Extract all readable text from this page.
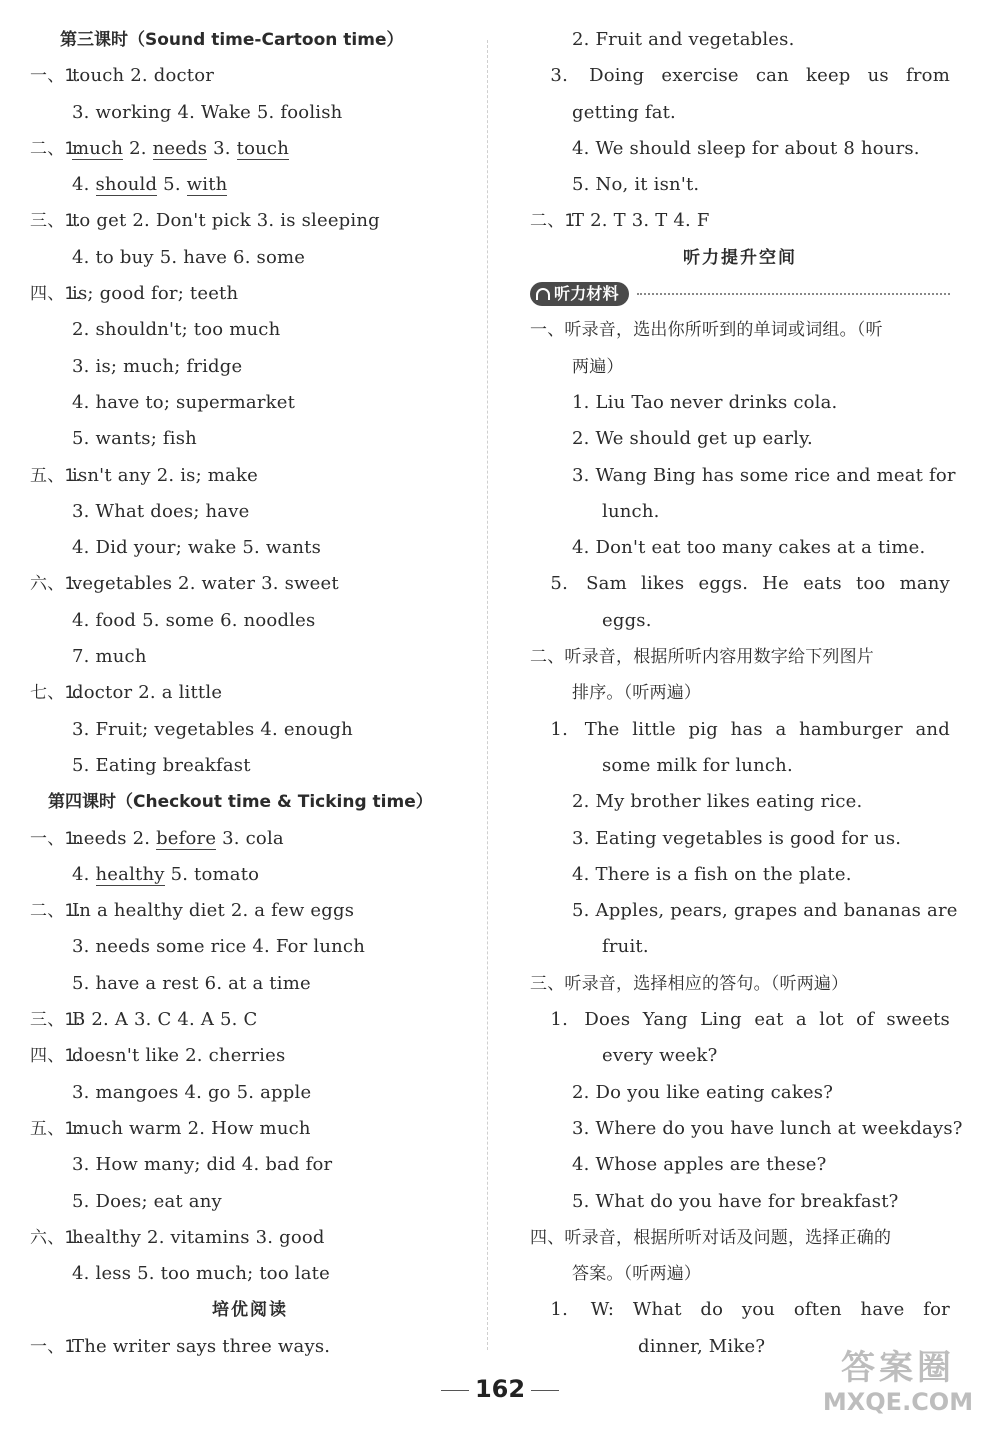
第三课时（Sound time-Cartoon time）
一、1.touch 2. doctor
3. working 4. Wake 5. foolish
二、1.much 2. needs 3. touch
4. should 5. with
三、1.to get 2. Don't pick 3. is sleeping
4. to buy 5. have 6. some
四、1.is; good for; teeth
2. shouldn't; too much
3. is; much; fridge
4. have to; supermarket
5. wants; fish
五、1.isn't any 2. is; make
3. What does; have
4. Did your; wake 5. wants
六、1.vegetables 2. water 3. sweet
4. food 5. some 6. noodles
7. much
七、1.doctor 2. a little
3. Fruit; vegetables 4. enough
5. Eating breakfast
第四课时（Checkout time & Ticking time）
一、1.needs 2. before 3. cola
4. healthy 5. tomato
二、1.In a healthy diet 2. a few eggs
3. needs some rice 4. For lunch
5. have a rest 6. at a time
三、1.B 2. A 3. C 4. A 5. C
四、1.doesn't like 2. cherries
3. mangoes 4. go 5. apple
五、1.much warm 2. How much
3. How many; did 4. bad for
5. Does; eat any
六、1.healthy 2. vitamins 3. good
4. less 5. too much; too late
培优阅读
一、1.The writer says three ways.
2. Fruit and vegetables.
3. Doing exercise can keep us from
getting fat.
4. We should sleep for about 8 hours.
5. No, it isn't.
二、1.T 2. T 3. T 4. F
听力提升空间
听力材料
一、听录音，选出你所听到的单词或词组。（听
两遍）
1. Liu Tao never drinks cola.
2. We should get up early.
3. Wang Bing has some rice and meat for
lunch.
4. Don't eat too many cakes at a time.
5. Sam likes eggs. He eats too many
eggs.
二、听录音，根据所听内容用数字给下列图片
排序。（听两遍）
1. The little pig has a hamburger and
some milk for lunch.
2. My brother likes eating rice.
3. Eating vegetables is good for us.
4. There is a fish on the plate.
5. Apples, pears, grapes and bananas are
fruit.
三、听录音，选择相应的答句。（听两遍）
1. Does Yang Ling eat a lot of sweets
every week?
2. Do you like eating cakes?
3. Where do you have lunch at weekdays?
4. Whose apples are these?
5. What do you have for breakfast?
四、听录音，根据所听对话及问题，选择正确的
答案。（听两遍）
1. W: What do you often have for
dinner, Mike?
162
答案圈
MXQE.COM
